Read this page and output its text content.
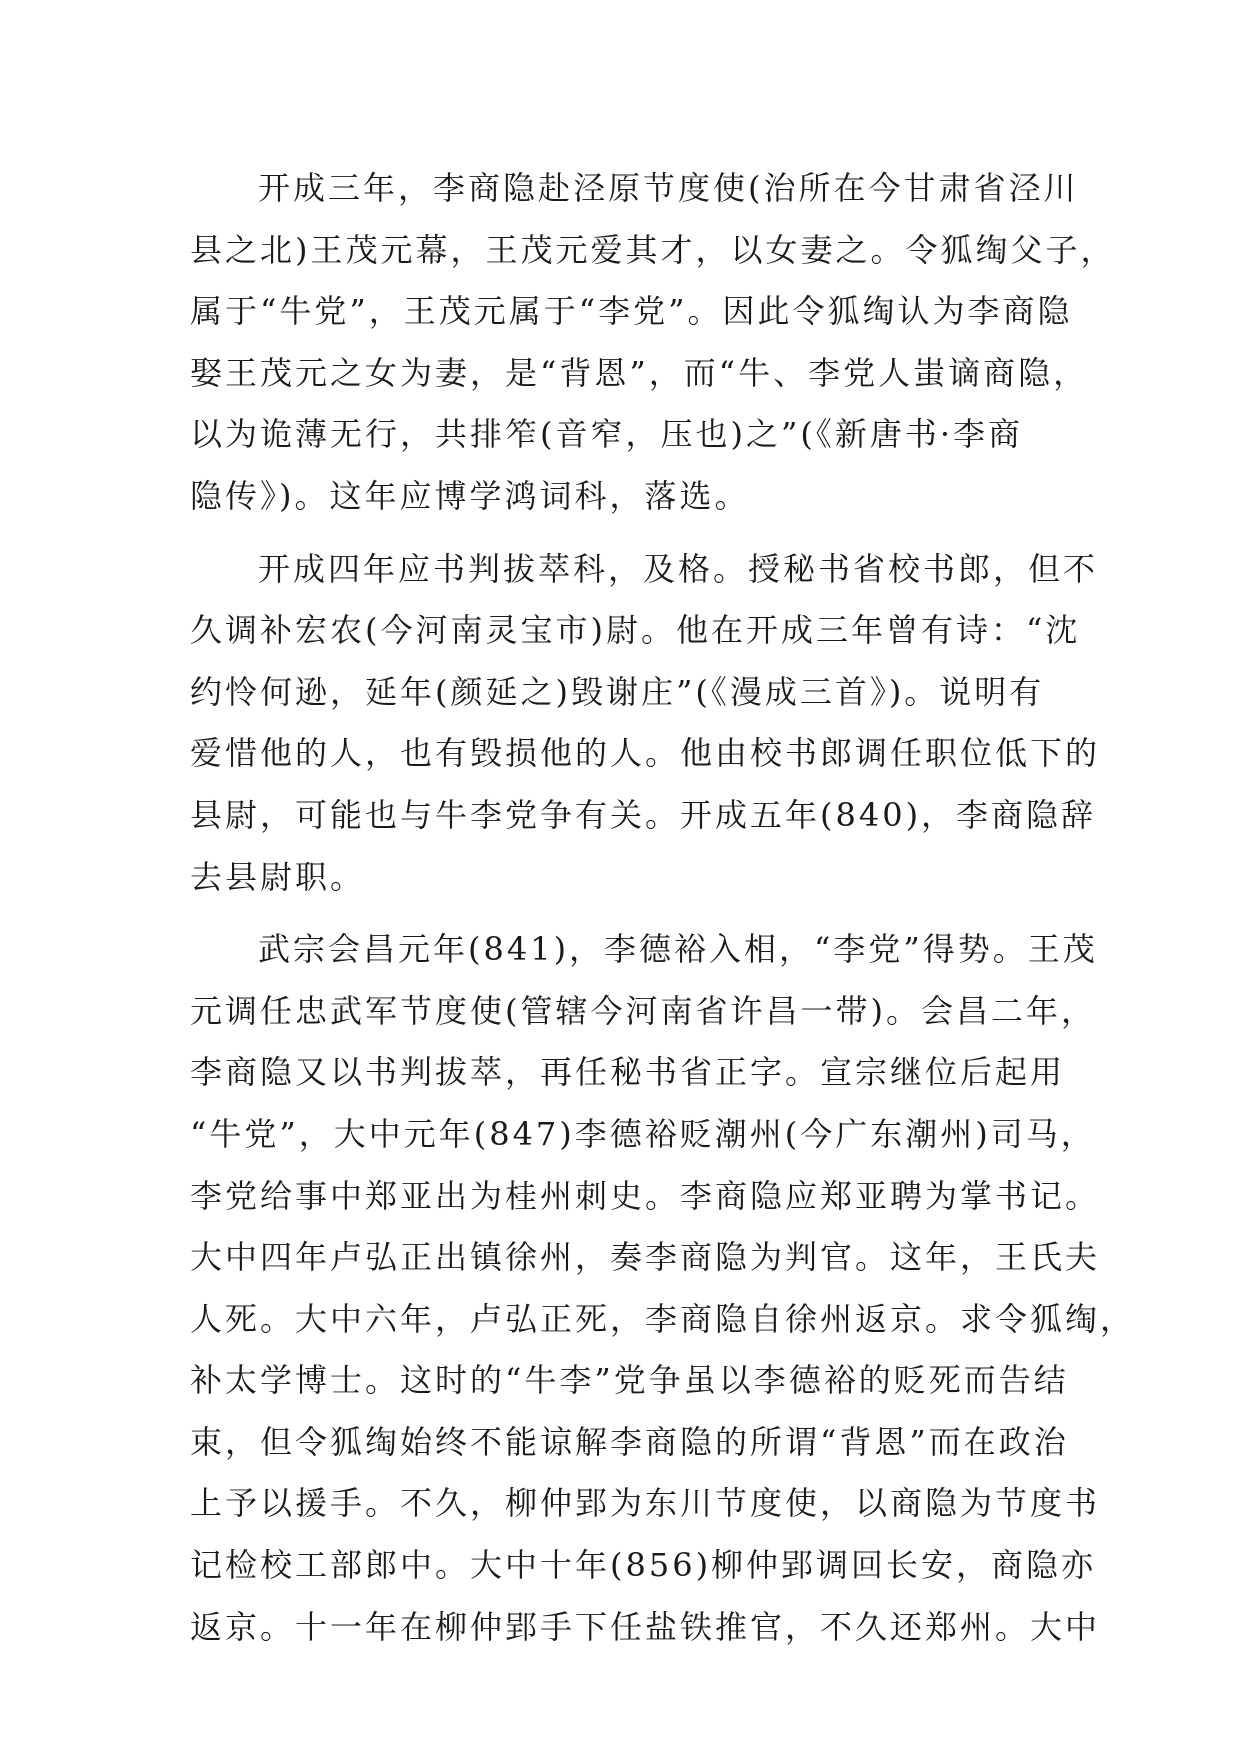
开成三年，李商隐赴泾原节度使(治所在今甘肃省泾川
县之北)王茂元幕，王茂元爱其才，以女妻之。令狐绹父子，
属于“牛党”，王茂元属于“李党”。因此令狐绹认为李商隐
娶王茂元之女为妻，是“背恩”，而“牛、李党人蚩谪商隐，
以为诡薄无行，共排笮(音窄，压也)之”(《新唐书·李商
隐传》)。这年应博学鸿词科，落选。
开成四年应书判拔萃科，及格。授秘书省校书郎，但不
久调补宏农(今河南灵宝市)尉。他在开成三年曾有诗：“沈
约怜何逊，延年(颜延之)毁谢庄”(《漫成三首》)。说明有
爱惜他的人，也有毁损他的人。他由校书郎调任职位低下的
县尉，可能也与牛李党争有关。开成五年(840)，李商隐辞
去县尉职。
武宗会昌元年(841)，李德裕入相，“李党”得势。王茂
元调任忠武军节度使(管辖今河南省许昌一带)。会昌二年，
李商隐又以书判拔萃，再任秘书省正字。宣宗继位后起用
“牛党”，大中元年(847)李德裕贬潮州(今广东潮州)司马，
李党给事中郑亚出为桂州刺史。李商隐应郑亚聘为掌书记。
大中四年卢弘正出镇徐州，奏李商隐为判官。这年，王氏夫
人死。大中六年，卢弘正死，李商隐自徐州返京。求令狐绹，
补太学博士。这时的“牛李”党争虽以李德裕的贬死而告结
束，但令狐绹始终不能谅解李商隐的所谓“背恩”而在政治
上予以援手。不久，柳仲郢为东川节度使，以商隐为节度书
记检校工部郎中。大中十年(856)柳仲郢调回长安，商隐亦
返京。十一年在柳仲郢手下任盐铁推官，不久还郑州。大中
